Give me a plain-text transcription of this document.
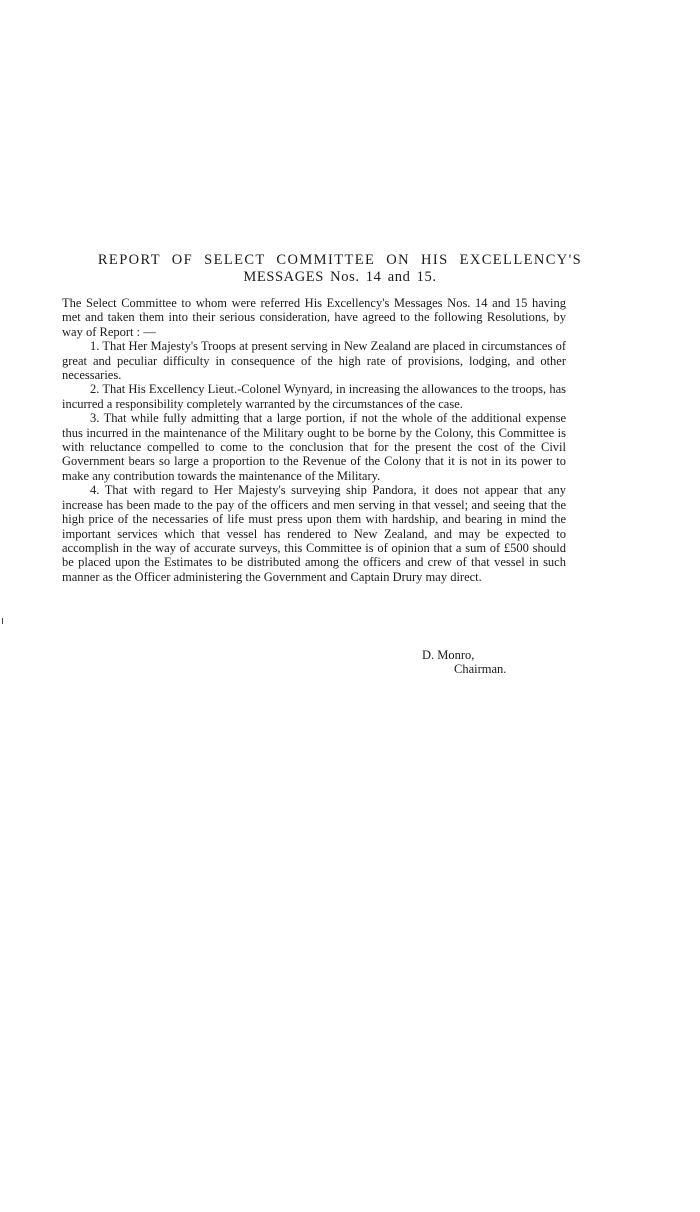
REPORT OF SELECT COMMITTEE ON HIS EXCELLENCY'S
MESSAGES Nos. 14 and 15.

The Select Committee to whom were referred His Excellency's Messages Nos. 14 and 15 having met and taken them into their serious consideration, have agreed to the following Resolutions, by way of Report : —

1. That Her Majesty's Troops at present serving in New Zealand are placed in circumstances of great and peculiar difficulty in consequence of the high rate of provisions, lodging, and other necessaries.

2. That His Excellency Lieut.-Colonel Wynyard, in increasing the allowances to the troops, has incurred a responsibility completely warranted by the circumstances of the case.

3. That while fully admitting that a large portion, if not the whole of the additional expense thus incurred in the maintenance of the Military ought to be borne by the Colony, this Committee is with reluctance compelled to come to the conclusion that for the present the cost of the Civil Government bears so large a proportion to the Revenue of the Colony that it is not in its power to make any contribution towards the maintenance of the Military.

4. That with regard to Her Majesty's surveying ship Pandora, it does not appear that any increase has been made to the pay of the officers and men serving in that vessel; and seeing that the high price of the necessaries of life must press upon them with hardship, and bearing in mind the important services which that vessel has rendered to New Zealand, and may be expected to accomplish in the way of accurate surveys, this Committee is of opinion that a sum of £500 should be placed upon the Estimates to be distributed among the officers and crew of that vessel in such manner as the Officer administering the Government and Captain Drury may direct.

D. Monro,
Chairman.
